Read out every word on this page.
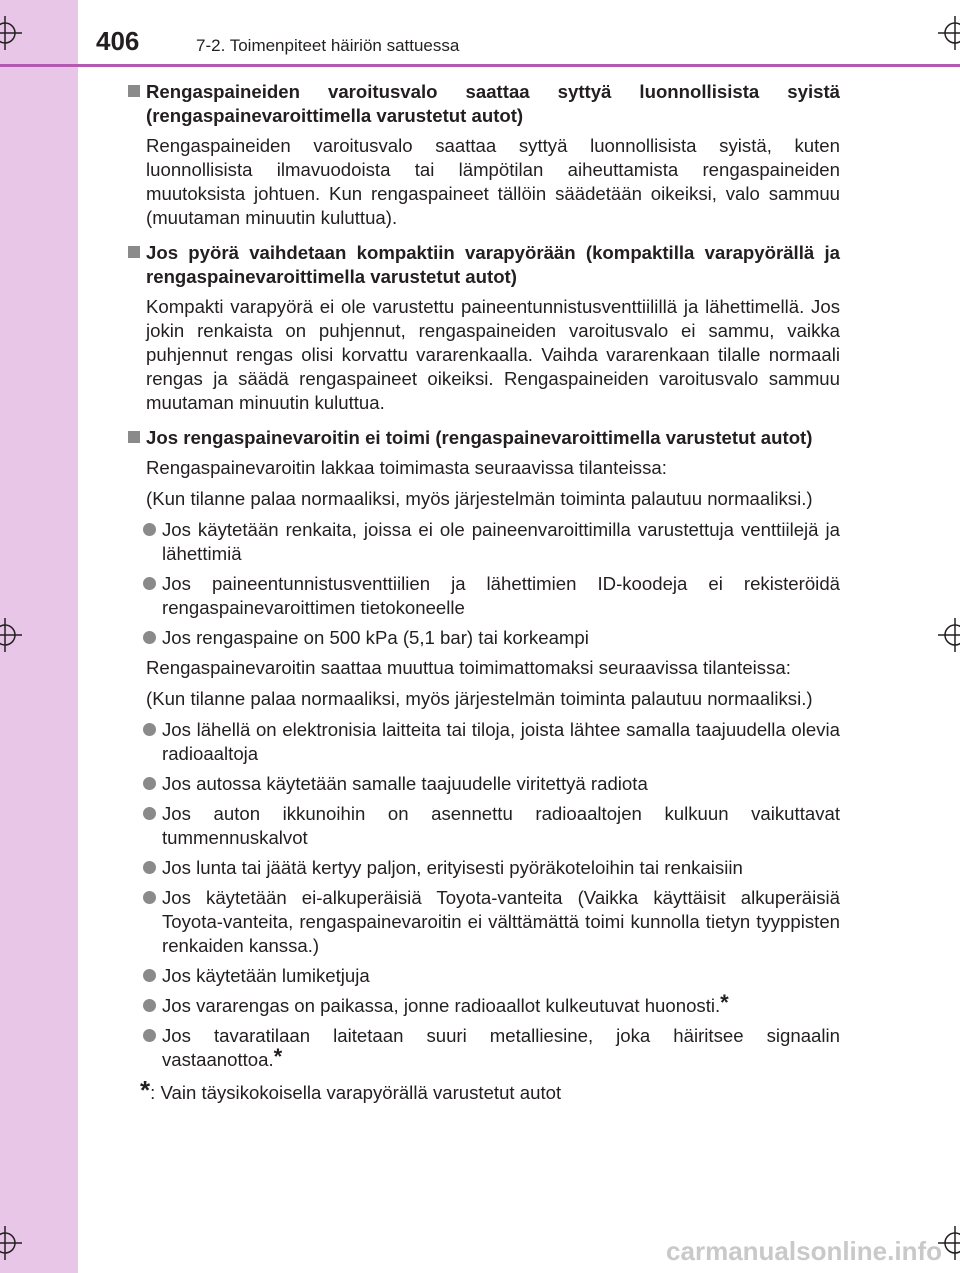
406	7-2. Toimenpiteet häiriön sattuessa
Rengaspaineiden varoitusvalo saattaa syttyä luonnollisista syistä (rengaspainevaroittimella varustetut autot)
Rengaspaineiden varoitusvalo saattaa syttyä luonnollisista syistä, kuten luonnollisista ilmavuodoista tai lämpötilan aiheuttamista rengaspaineiden muutoksista johtuen. Kun rengaspaineet tällöin säädetään oikeiksi, valo sammuu (muutaman minuutin kuluttua).
Jos pyörä vaihdetaan kompaktiin varapyörään (kompaktilla varapyörällä ja rengaspainevaroittimella varustetut autot)
Kompakti varapyörä ei ole varustettu paineentunnistusventtiilillä ja lähettimellä. Jos jokin renkaista on puhjennut, rengaspaineiden varoitusvalo ei sammu, vaikka puhjennut rengas olisi korvattu vararenkaalla. Vaihda vararenkaan tilalle normaali rengas ja säädä rengaspaineet oikeiksi. Rengaspaineiden varoitusvalo sammuu muutaman minuutin kuluttua.
Jos rengaspainevaroitin ei toimi (rengaspainevaroittimella varustetut autot)
Rengaspainevaroitin lakkaa toimimasta seuraavissa tilanteissa:
(Kun tilanne palaa normaaliksi, myös järjestelmän toiminta palautuu normaaliksi.)
Jos käytetään renkaita, joissa ei ole paineenvaroittimilla varustettuja venttiilejä ja lähettimiä
Jos paineentunnistusventtiilien ja lähettimien ID-koodeja ei rekisteröidä rengaspainevaroittimen tietokoneelle
Jos rengaspaine on 500 kPa (5,1 bar) tai korkeampi
Rengaspainevaroitin saattaa muuttua toimimattomaksi seuraavissa tilanteissa:
(Kun tilanne palaa normaaliksi, myös järjestelmän toiminta palautuu normaaliksi.)
Jos lähellä on elektronisia laitteita tai tiloja, joista lähtee samalla taajuudella olevia radioaaltoja
Jos autossa käytetään samalle taajuudelle viritettyä radiota
Jos auton ikkunoihin on asennettu radioaaltojen kulkuun vaikuttavat tummennuskalvot
Jos lunta tai jäätä kertyy paljon, erityisesti pyöräkoteloihin tai renkaisiin
Jos käytetään ei-alkuperäisiä Toyota-vanteita (Vaikka käyttäisit alkuperäisiä Toyota-vanteita, rengaspainevaroitin ei välttämättä toimi kunnolla tietyn tyyppisten renkaiden kanssa.)
Jos käytetään lumiketjuja
Jos vararengas on paikassa, jonne radioaallot kulkeutuvat huonosti.*
Jos tavaratilaan laitetaan suuri metalliesine, joka häiritsee signaalin vastaanottoa.*
*: Vain täysikokoisella varapyörällä varustetut autot
carmanualsonline.info
